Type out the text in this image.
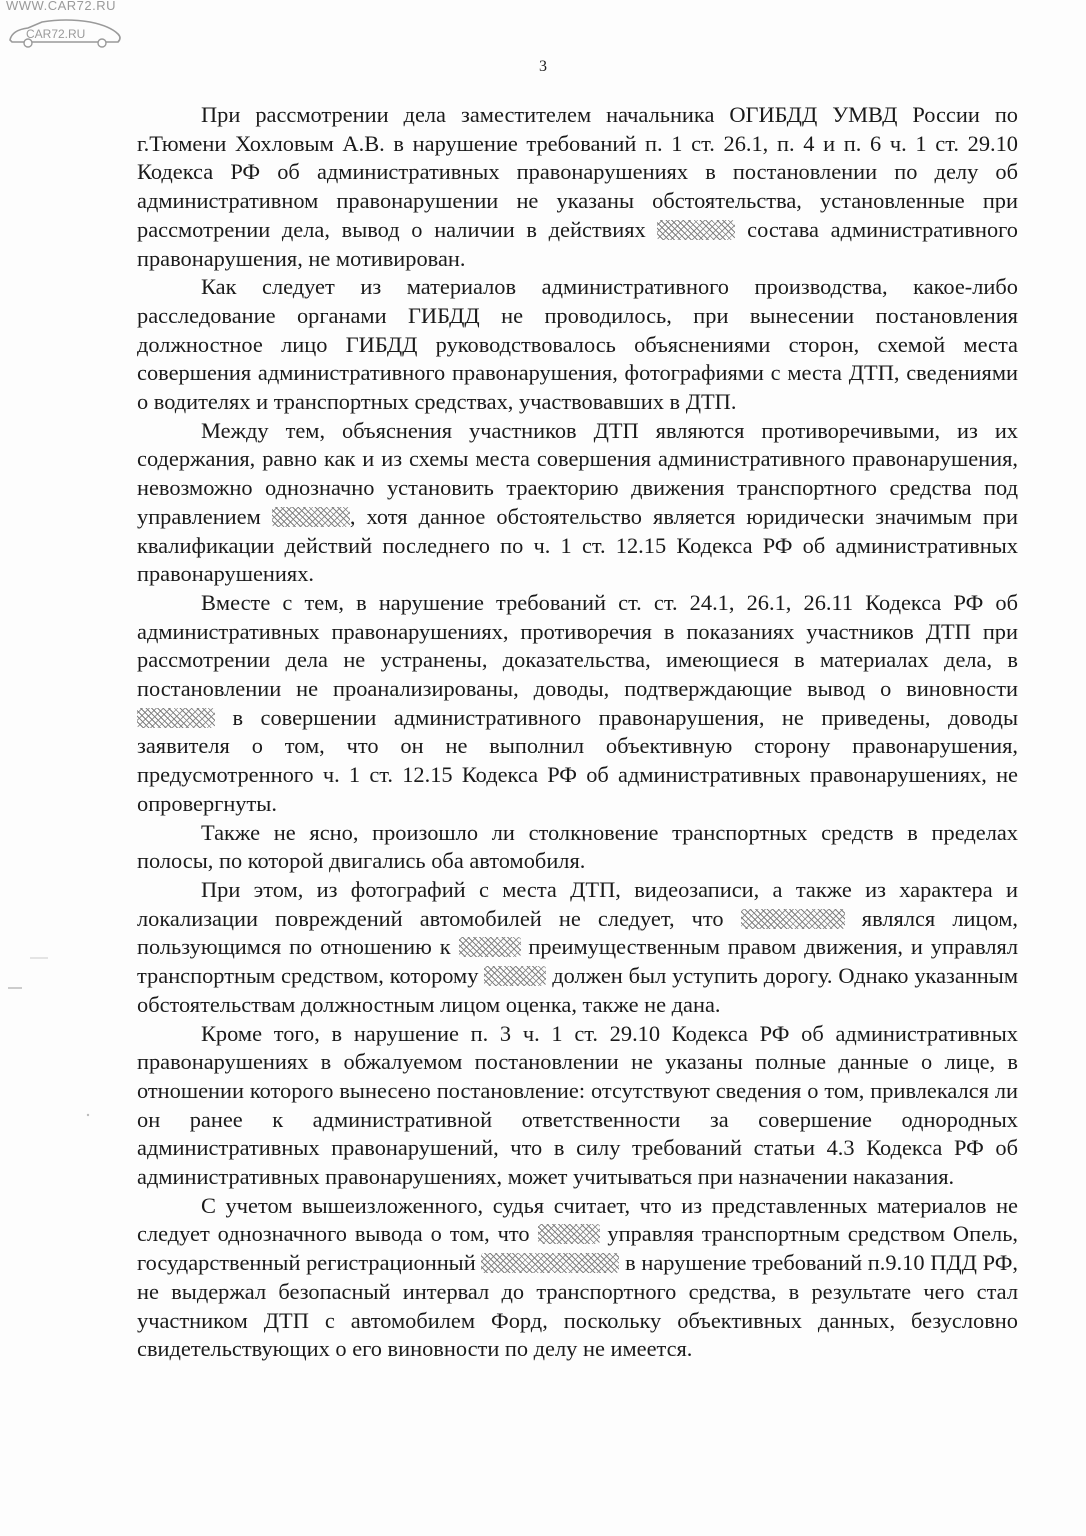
WWW.CAR72.RU
CAR72.RU
3

При рассмотрении дела заместителем начальника ОГИБДД УМВД России по г.Тюмени Хохловым А.В. в нарушение требований п. 1 ст. 26.1, п. 4 и п. 6 ч. 1 ст. 29.10 Кодекса РФ об административных правонарушениях в постановлении по делу об административном правонарушении не указаны обстоятельства, установленные при рассмотрении дела, вывод о наличии в действиях	состава административного правонарушения, не мотивирован.

Как следует из материалов административного производства, какое-либо расследование органами ГИБДД не проводилось, при вынесении постановления должностное лицо ГИБДД руководствовалось объяснениями сторон, схемой места совершения административного правонарушения, фотографиями с места ДТП, сведениями о водителях и транспортных средствах, участвовавших в ДТП.

Между тем, объяснения участников ДТП являются противоречивыми, из их содержания, равно как и из схемы места совершения административного правонарушения, невозможно однозначно установить траекторию движения транспортного средства под управлением	, хотя данное обстоятельство является юридически значимым при квалификации действий последнего по ч. 1 ст. 12.15 Кодекса РФ об административных правонарушениях.

Вместе с тем, в нарушение требований ст. ст. 24.1, 26.1, 26.11 Кодекса РФ об административных правонарушениях, противоречия в показаниях участников ДТП при рассмотрении дела не устранены, доказательства, имеющиеся в материалах дела, в постановлении не проанализированы, доводы, подтверждающие вывод о виновности  в совершении административного правонарушения, не приведены, доводы заявителя о том, что он не выполнил объективную сторону правонарушения, предусмотренного ч. 1 ст. 12.15 Кодекса РФ об административных правонарушениях, не опровергнуты.

Также не ясно, произошло ли столкновение транспортных средств в пределах полосы, по которой двигались оба автомобиля.

При этом, из фотографий с места ДТП, видеозаписи, а также из характера и локализации повреждений автомобилей не следует, что	являлся лицом, пользующимся по отношению к	преимущественным правом движения, и управлял транспортным средством, которому	должен был уступить дорогу. Однако указанным обстоятельствам должностным лицом оценка, также не дана.

Кроме того, в нарушение п. 3 ч. 1 ст. 29.10 Кодекса РФ об административных правонарушениях в обжалуемом постановлении не указаны полные данные о лице, в отношении которого вынесено постановление: отсутствуют сведения о том, привлекался ли он ранее к административной ответственности за совершение однородных административных правонарушений, что в силу требований статьи 4.3 Кодекса РФ об административных правонарушениях, может учитываться при назначении наказания.

С учетом вышеизложенного, судья считает, что из представленных материалов не следует однозначного вывода о том, что	управляя транспортным средством Опель, государственный регистрационный	в нарушение требований п.9.10 ПДД РФ, не выдержал безопасный интервал до транспортного средства, в результате чего стал участником ДТП с автомобилем Форд, поскольку объективных данных, безусловно свидетельствующих о его виновности по делу не имеется.
